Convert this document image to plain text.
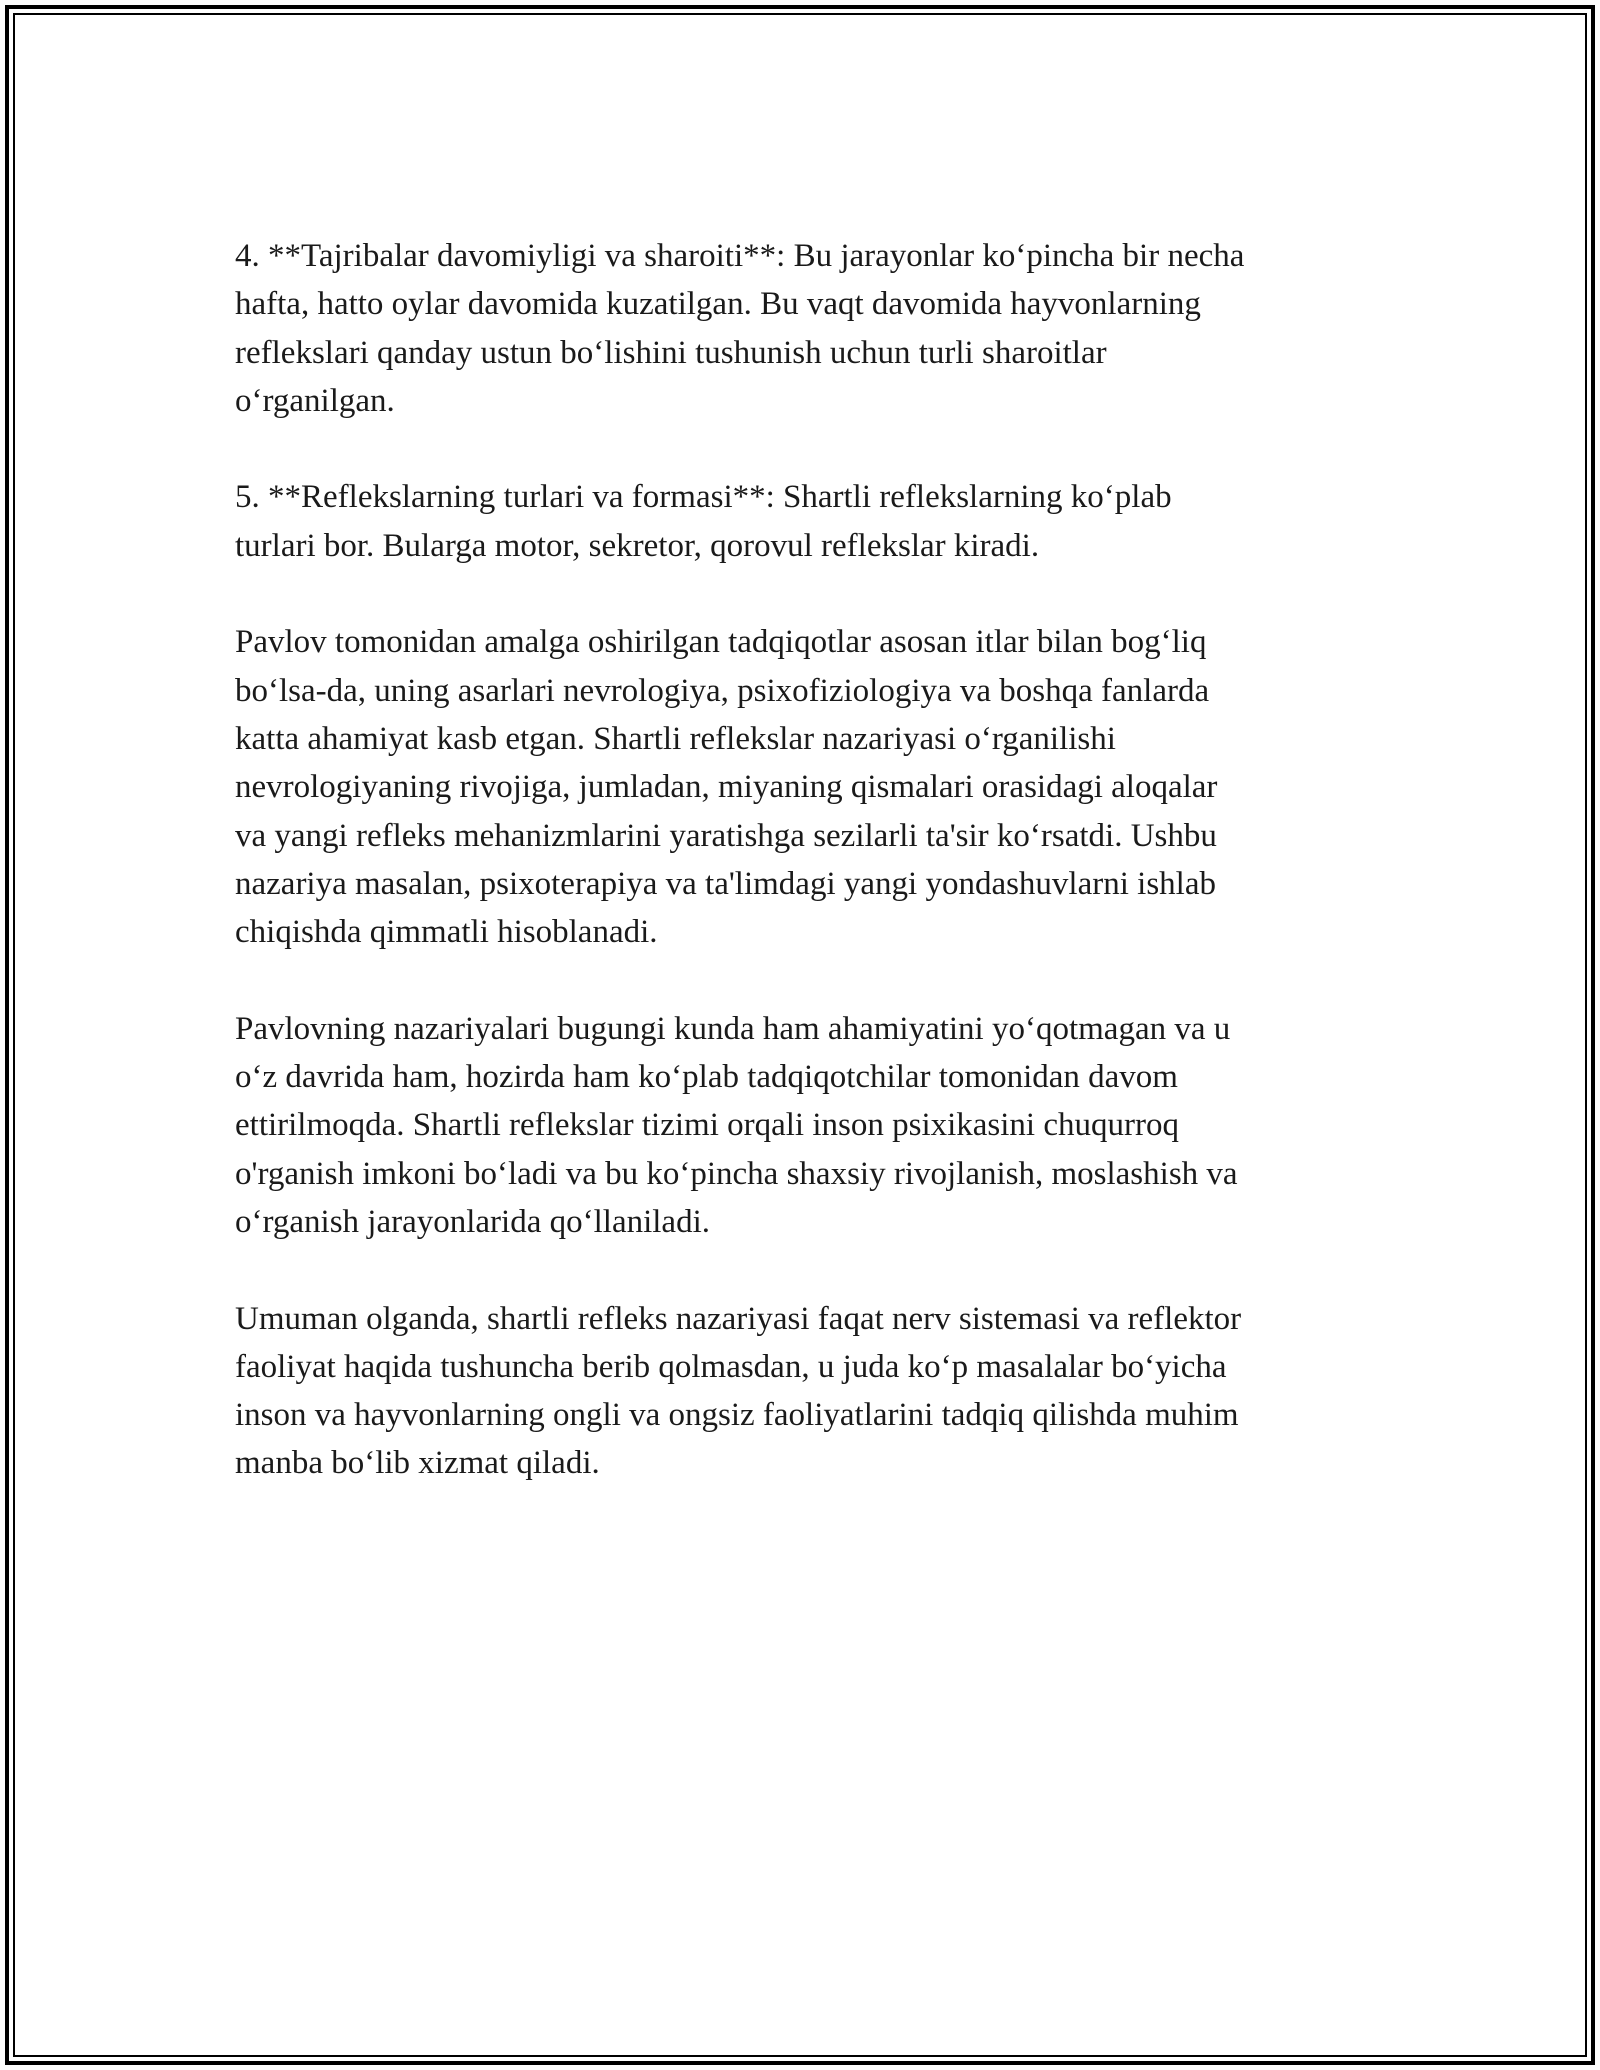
4. **Tajribalar davomiyligi va sharoiti**: Bu jarayonlar ko‘pincha bir necha
hafta, hatto oylar davomida kuzatilgan. Bu vaqt davomida hayvonlarning
reflekslari qanday ustun bo‘lishini tushunish uchun turli sharoitlar
o‘rganilgan.

5. **Reflekslarning turlari va formasi**: Shartli reflekslarning ko‘plab
turlari bor. Bularga motor, sekretor, qorovul reflekslar kiradi.

Pavlov tomonidan amalga oshirilgan tadqiqotlar asosan itlar bilan bog‘liq
bo‘lsa-da, uning asarlari nevrologiya, psixofiziologiya va boshqa fanlarda
katta ahamiyat kasb etgan. Shartli reflekslar nazariyasi o‘rganilishi
nevrologiyaning rivojiga, jumladan, miyaning qismalari orasidagi aloqalar
va yangi refleks mehanizmlarini yaratishga sezilarli ta'sir ko‘rsatdi. Ushbu
nazariya masalan, psixoterapiya va ta'limdagi yangi yondashuvlarni ishlab
chiqishda qimmatli hisoblanadi.

Pavlovning nazariyalari bugungi kunda ham ahamiyatini yo‘qotmagan va u
o‘z davrida ham, hozirda ham ko‘plab tadqiqotchilar tomonidan davom
ettirilmoqda. Shartli reflekslar tizimi orqali inson psixikasini chuqurroq
o'rganish imkoni bo‘ladi va bu ko‘pincha shaxsiy rivojlanish, moslashish va
o‘rganish jarayonlarida qo‘llaniladi.

Umuman olganda, shartli refleks nazariyasi faqat nerv sistemasi va reflektor
faoliyat haqida tushuncha berib qolmasdan, u juda ko‘p masalalar bo‘yicha
inson va hayvonlarning ongli va ongsiz faoliyatlarini tadqiq qilishda muhim
manba bo‘lib xizmat qiladi.
